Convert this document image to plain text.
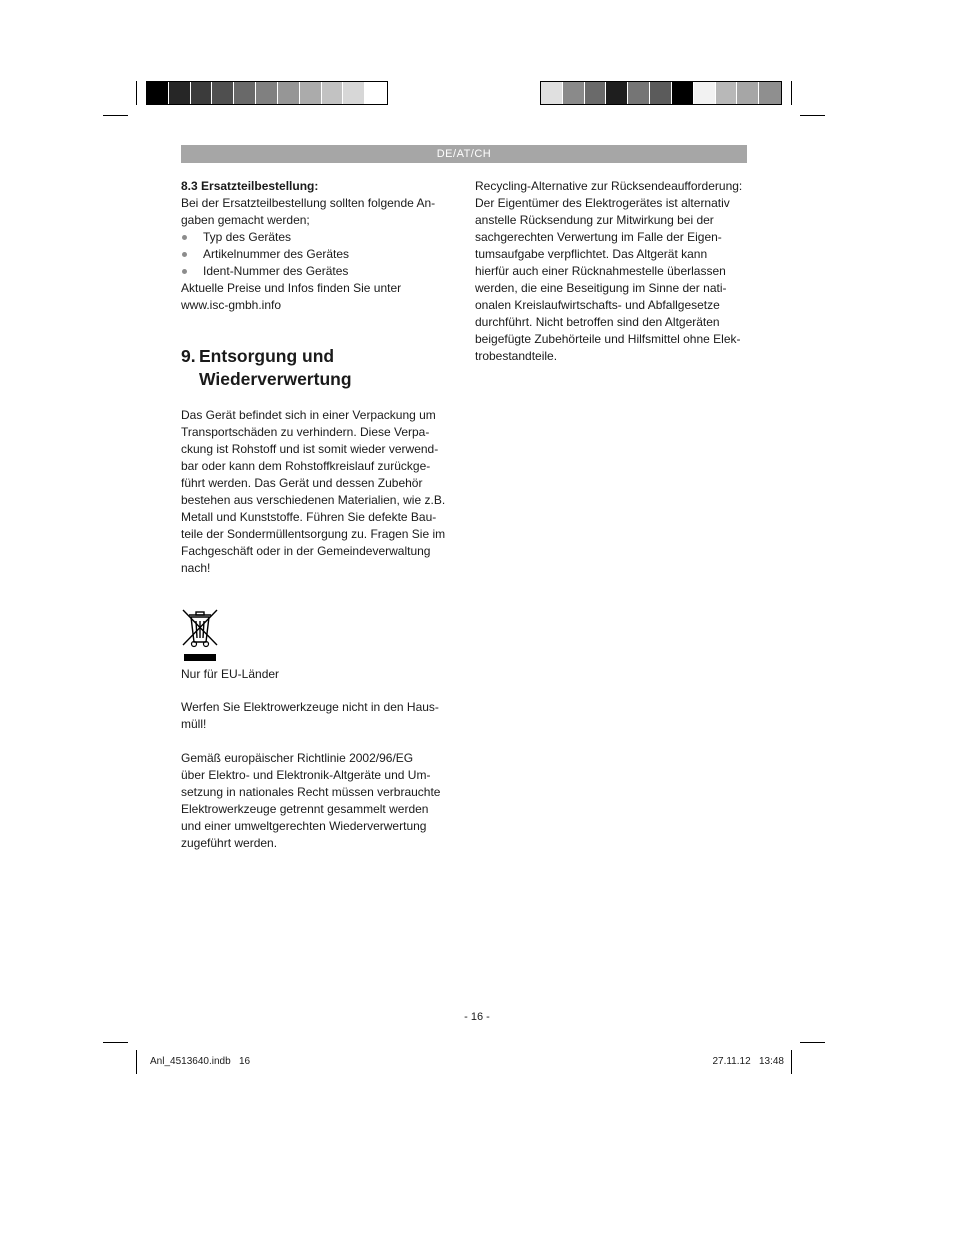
DE/AT/CH

8.3 Ersatzteilbestellung:

Bei der Ersatzteilbestellung sollten folgende An-

gaben gemacht werden;

Typ des Gerätes
Artikelnummer des Gerätes
Ident-Nummer des Gerätes

Aktuelle Preise und Infos finden Sie unter

www.isc-gmbh.info

9. Entsorgung und
Wiederverwertung

Das Gerät befindet sich in einer Verpackung um

Transportschäden zu verhindern. Diese Verpa-

ckung ist Rohstoff und ist somit wieder verwend-

bar oder kann dem Rohstoffkreislauf zurückge-

führt werden. Das Gerät und dessen Zubehör

bestehen aus verschiedenen Materialien, wie z.B.

Metall und Kunststoffe. Führen Sie defekte Bau-

teile der Sondermüllentsorgung zu. Fragen Sie im

Fachgeschäft oder in der Gemeindeverwaltung

nach!

Nur für EU-Länder

Werfen Sie Elektrowerkzeuge nicht in den Haus-

müll!

Gemäß europäischer Richtlinie 2002/96/EG

über Elektro- und Elektronik-Altgeräte und Um-

setzung in nationales Recht müssen verbrauchte

Elektrowerkzeuge getrennt gesammelt werden

und einer umweltgerechten Wiederverwertung

zugeführt werden.

Recycling-Alternative zur Rücksendeaufforderung:

Der Eigentümer des Elektrogerätes ist alternativ

anstelle Rücksendung zur Mitwirkung bei der

sachgerechten Verwertung im Falle der Eigen-

tumsaufgabe verpflichtet. Das Altgerät kann

hierfür auch einer Rücknahmestelle überlassen

werden, die eine Beseitigung im Sinne der nati-

onalen Kreislaufwirtschafts- und Abfallgesetze

durchführt. Nicht betroffen sind den Altgeräten

beigefügte Zubehörteile und Hilfsmittel ohne Elek-

trobestandteile.

- 16 -
Anl_4513640.indb   16	27.11.12   13:48
